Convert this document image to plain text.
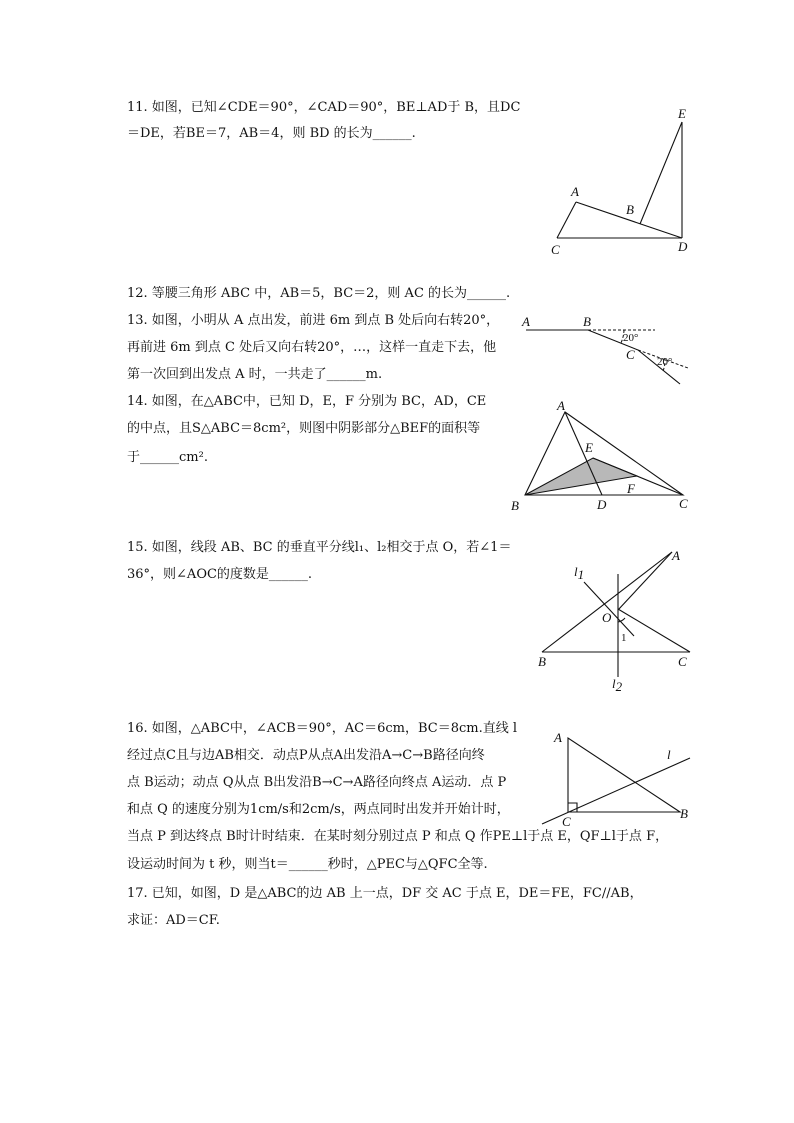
11. 如图，已知∠CDE＝90°，∠CAD＝90°，BE⊥AD于 B，且DC
＝DE，若BE＝7，AB＝4，则 BD 的长为______.
E
A
B
C	D
12. 等腰三角形 ABC 中，AB＝5，BC＝2，则 AC 的长为______.
13. 如图，小明从 A 点出发，前进 6m 到点 B 处后向右转20°，
再前进 6m 到点 C 处后又向右转20°，…，这样一直走下去，他
第一次回到出发点 A 时，一共走了______m.
A	B
C
20°
20°
14. 如图，在△ABC中，已知 D，E，F 分别为 BC，AD，CE
的中点，且S△ABC＝8cm²，则图中阴影部分△BEF的面积等
于______cm².
A
B	C
D
E
F
15. 如图，线段 AB、BC 的垂直平分线l₁、l₂相交于点 O，若∠1＝
36°，则∠AOC的度数是______.
A
B	C
O
1
l1
l2
16. 如图，△ABC中，∠ACB＝90°，AC＝6cm，BC＝8cm.直线 l
经过点C且与边AB相交．动点P从点A出发沿A→C→B路径向终
点 B运动；动点 Q从点 B出发沿B→C→A路径向终点 A运动．点 P
和点 Q 的速度分别为1cm/s和2cm/s，两点同时出发并开始计时，
当点 P 到达终点 B时计时结束．在某时刻分别过点 P 和点 Q 作PE⊥l于点 E，QF⊥l于点 F，
设运动时间为 t 秒，则当t＝______秒时，△PEC与△QFC全等.
A
B
C
l
17. 已知，如图，D 是△ABC的边 AB 上一点，DF 交 AC 于点 E，DE＝FE，FC//AB，
求证：AD＝CF.
